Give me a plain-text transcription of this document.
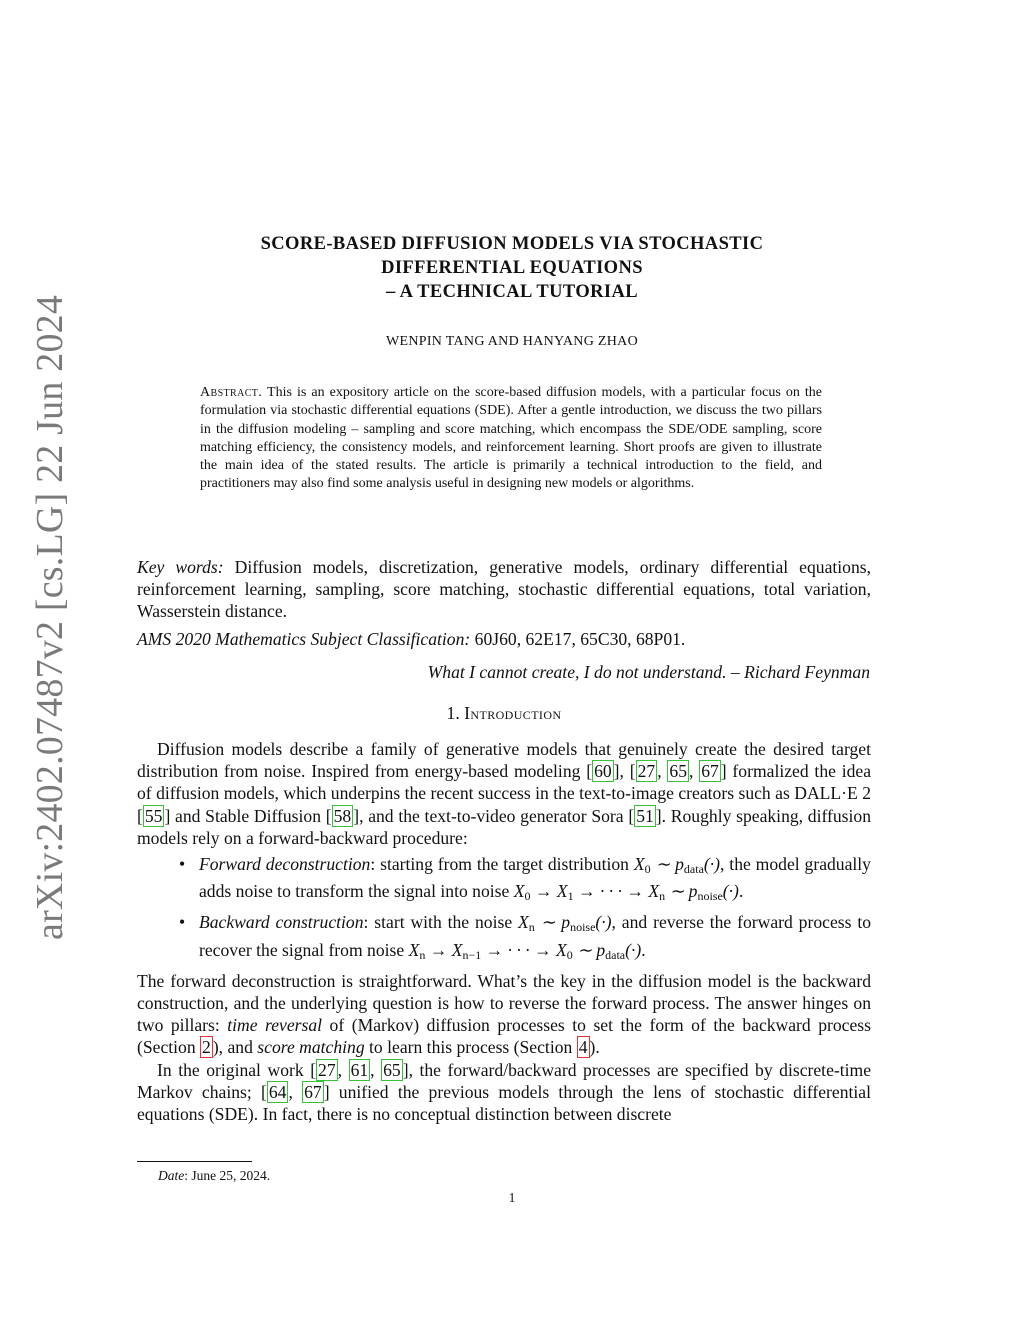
arXiv:2402.07487v2 [cs.LG] 22 Jun 2024
SCORE-BASED DIFFUSION MODELS VIA STOCHASTIC
DIFFERENTIAL EQUATIONS
– A TECHNICAL TUTORIAL
WENPIN TANG AND HANYANG ZHAO
Abstract. This is an expository article on the score-based diffusion models, with a particular focus on the formulation via stochastic differential equations (SDE). After a gentle introduction, we discuss the two pillars in the diffusion modeling – sampling and score matching, which encompass the SDE/ODE sampling, score matching efficiency, the consistency models, and reinforcement learning. Short proofs are given to illustrate the main idea of the stated results. The article is primarily a technical introduction to the field, and practitioners may also find some analysis useful in designing new models or algorithms.
Key words: Diffusion models, discretization, generative models, ordinary differential equations, reinforcement learning, sampling, score matching, stochastic differential equations, total variation, Wasserstein distance.
AMS 2020 Mathematics Subject Classification: 60J60, 62E17, 65C30, 68P01.
What I cannot create, I do not understand. – Richard Feynman
1. Introduction

Diffusion models describe a family of generative models that genuinely create the desired target distribution from noise. Inspired from energy-based modeling [ 60 ], [ 27 , 65 , 67 ] formalized the idea of diffusion models, which underpins the recent success in the text-to-image creators such as DALL·E 2 [ 55 ] and Stable Diffusion [ 58 ], and the text-to-video generator Sora [ 51 ]. Roughly speaking, diffusion models rely on a forward-backward procedure:

• Forward deconstruction: starting from the target distribution $X_0$ ∼ $p_{data}(\cdot)$, the model gradually adds noise to transform the signal into noise $X_0 \to X_1$ → · · · → $X_n$ ∼ $p_{noise}(\cdot)$.
• Backward construction: start with the noise $X_n$ ∼ $p_{noise}(\cdot)$, and reverse the forward process to recover the signal from noise $X_n \to X_{n-1}$ → · · · → $X_0$ ∼ $p_{data}(\cdot)$.

The forward deconstruction is straightforward. What’s the key in the diffusion model is the backward construction, and the underlying question is how to reverse the forward process. The answer hinges on two pillars: time reversal of (Markov) diffusion processes to set the form of the backward process (Section 2 ), and score matching to learn this process (Section 4 ).

In the original work [ 27 , 61 , 65 ], the forward/backward processes are specified by discrete-time Markov chains; [ 64 , 67 ] unified the previous models through the lens of stochastic differential equations (SDE). In fact, there is no conceptual distinction between discrete

Date: June 25, 2024.
1
